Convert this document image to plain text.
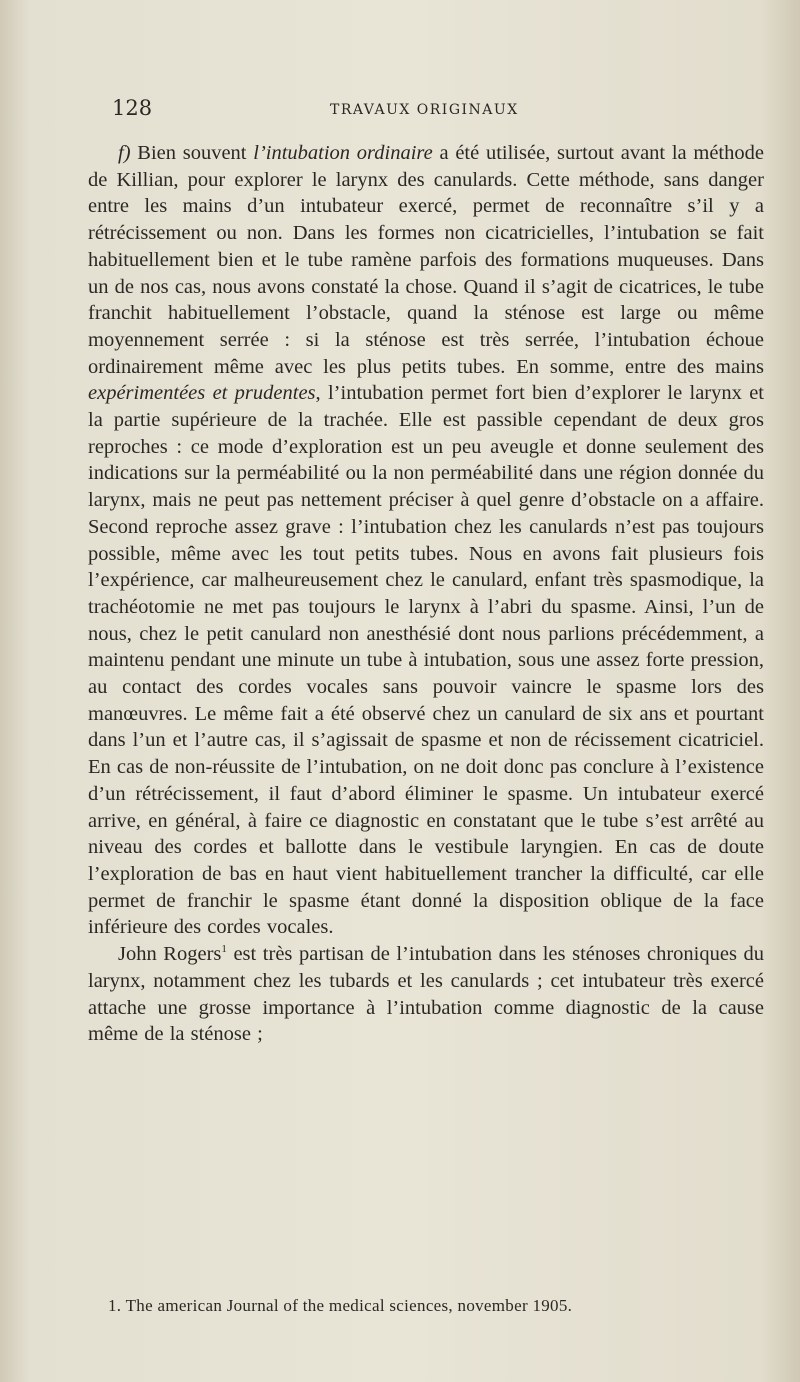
128	TRAVAUX ORIGINAUX

f) Bien souvent l’intubation ordinaire a été utilisée, surtout avant la méthode de Killian, pour explorer le larynx des canulards. Cette méthode, sans danger entre les mains d’un intubateur exercé, permet de reconnaître s’il y a rétrécissement ou non. Dans les formes non cicatricielles, l’intubation se fait habituellement bien et le tube ramène parfois des formations muqueuses. Dans un de nos cas, nous avons constaté la chose. Quand il s’agit de cicatrices, le tube franchit habituellement l’obstacle, quand la sténose est large ou même moyennement serrée : si la sténose est très serrée, l’intubation échoue ordinairement même avec les plus petits tubes. En somme, entre des mains expérimentées et prudentes, l’intubation permet fort bien d’explorer le larynx et la partie supérieure de la trachée. Elle est passible cependant de deux gros reproches : ce mode d’exploration est un peu aveugle et donne seulement des indications sur la perméabilité ou la non perméabilité dans une région donnée du larynx, mais ne peut pas nettement préciser à quel genre d’obstacle on a affaire. Second reproche assez grave : l’intubation chez les canulards n’est pas toujours possible, même avec les tout petits tubes. Nous en avons fait plusieurs fois l’expérience, car malheureusement chez le canulard, enfant très spasmodique, la trachéotomie ne met pas toujours le larynx à l’abri du spasme. Ainsi, l’un de nous, chez le petit canulard non anesthésié dont nous parlions précédemment, a maintenu pendant une minute un tube à intubation, sous une assez forte pression, au contact des cordes vocales sans pouvoir vaincre le spasme lors des manœuvres. Le même fait a été observé chez un canulard de six ans et pourtant dans l’un et l’autre cas, il s’agissait de spasme et non de récissement cicatriciel. En cas de non-réussite de l’intubation, on ne doit donc pas conclure à l’existence d’un rétrécissement, il faut d’abord éliminer le spasme. Un intubateur exercé arrive, en général, à faire ce diagnostic en constatant que le tube s’est arrêté au niveau des cordes et ballotte dans le vestibule laryngien. En cas de doute l’exploration de bas en haut vient habituellement trancher la difficulté, car elle permet de franchir le spasme étant donné la disposition oblique de la face inférieure des cordes vocales.

John Rogers$^1$ est très partisan de l’intubation dans les sténoses chroniques du larynx, notamment chez les tubards et les canulards ; cet intubateur très exercé attache une grosse importance à l’intubation comme diagnostic de la cause même de la sténose ;

1. The american Journal of the medical sciences, november 1905.
